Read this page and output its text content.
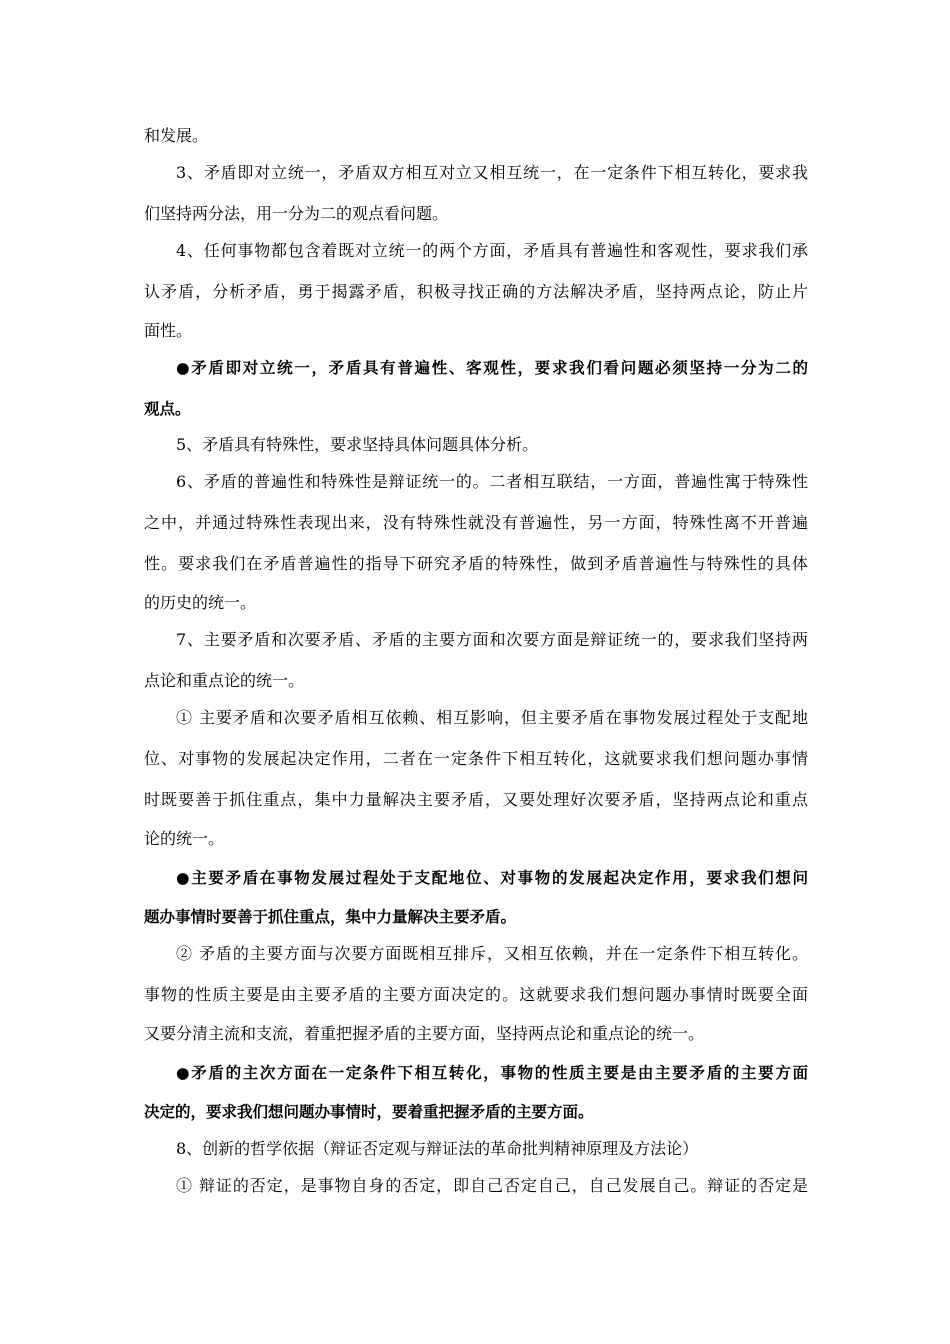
和发展。
3、矛盾即对立统一，矛盾双方相互对立又相互统一，在一定条件下相互转化，要求我
们坚持两分法，用一分为二的观点看问题。
4、任何事物都包含着既对立统一的两个方面，矛盾具有普遍性和客观性，要求我们承
认矛盾，分析矛盾，勇于揭露矛盾，积极寻找正确的方法解决矛盾，坚持两点论，防止片
面性。
●矛盾即对立统一，矛盾具有普遍性、客观性，要求我们看问题必须坚持一分为二的
观点。
5、矛盾具有特殊性，要求坚持具体问题具体分析。
6、矛盾的普遍性和特殊性是辩证统一的。二者相互联结，一方面，普遍性寓于特殊性
之中，并通过特殊性表现出来，没有特殊性就没有普遍性，另一方面，特殊性离不开普遍
性。要求我们在矛盾普遍性的指导下研究矛盾的特殊性，做到矛盾普遍性与特殊性的具体
的历史的统一。
7、主要矛盾和次要矛盾、矛盾的主要方面和次要方面是辩证统一的，要求我们坚持两
点论和重点论的统一。
① 主要矛盾和次要矛盾相互依赖、相互影响，但主要矛盾在事物发展过程处于支配地
位、对事物的发展起决定作用，二者在一定条件下相互转化，这就要求我们想问题办事情
时既要善于抓住重点，集中力量解决主要矛盾，又要处理好次要矛盾，坚持两点论和重点
论的统一。
●主要矛盾在事物发展过程处于支配地位、对事物的发展起决定作用，要求我们想问
题办事情时要善于抓住重点，集中力量解决主要矛盾。
② 矛盾的主要方面与次要方面既相互排斥，又相互依赖，并在一定条件下相互转化。
事物的性质主要是由主要矛盾的主要方面决定的。这就要求我们想问题办事情时既要全面
又要分清主流和支流，着重把握矛盾的主要方面，坚持两点论和重点论的统一。
●矛盾的主次方面在一定条件下相互转化，事物的性质主要是由主要矛盾的主要方面
决定的，要求我们想问题办事情时，要着重把握矛盾的主要方面。
8、创新的哲学依据（辩证否定观与辩证法的革命批判精神原理及方法论）
① 辩证的否定，是事物自身的否定，即自己否定自己，自己发展自己。辩证的否定是
